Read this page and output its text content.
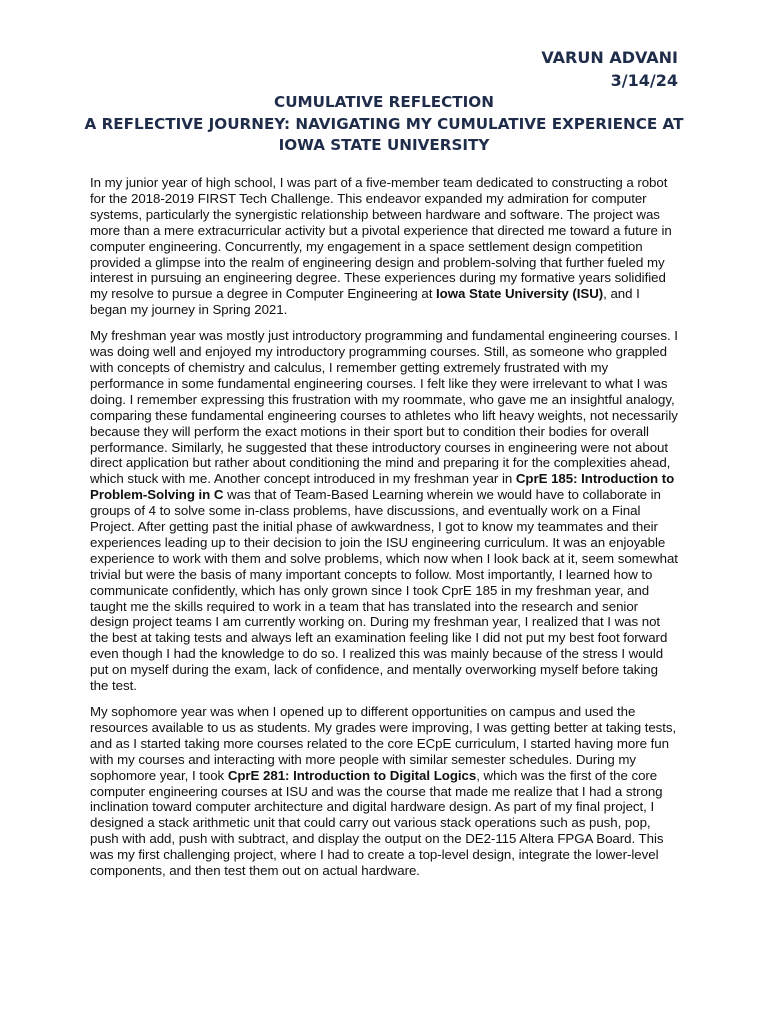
VARUN ADVANI
3/14/24
CUMULATIVE REFLECTION
A REFLECTIVE JOURNEY: NAVIGATING MY CUMULATIVE EXPERIENCE AT
IOWA STATE UNIVERSITY

In my junior year of high school, I was part of a five-member team dedicated to constructing a robot for the 2018-2019 FIRST Tech Challenge. This endeavor expanded my admiration for computer systems, particularly the synergistic relationship between hardware and software. The project was more than a mere extracurricular activity but a pivotal experience that directed me toward a future in computer engineering. Concurrently, my engagement in a space settlement design competition provided a glimpse into the realm of engineering design and problem-solving that further fueled my interest in pursuing an engineering degree. These experiences during my formative years solidified my resolve to pursue a degree in Computer Engineering at Iowa State University (ISU), and I began my journey in Spring 2021.

My freshman year was mostly just introductory programming and fundamental engineering courses. I was doing well and enjoyed my introductory programming courses. Still, as someone who grappled with concepts of chemistry and calculus, I remember getting extremely frustrated with my performance in some fundamental engineering courses. I felt like they were irrelevant to what I was doing. I remember expressing this frustration with my roommate, who gave me an insightful analogy, comparing these fundamental engineering courses to athletes who lift heavy weights, not necessarily because they will perform the exact motions in their sport but to condition their bodies for overall performance. Similarly, he suggested that these introductory courses in engineering were not about direct application but rather about conditioning the mind and preparing it for the complexities ahead, which stuck with me. Another concept introduced in my freshman year in CprE 185: Introduction to Problem-Solving in C was that of Team-Based Learning wherein we would have to collaborate in groups of 4 to solve some in-class problems, have discussions, and eventually work on a Final Project. After getting past the initial phase of awkwardness, I got to know my teammates and their experiences leading up to their decision to join the ISU engineering curriculum. It was an enjoyable experience to work with them and solve problems, which now when I look back at it, seem somewhat trivial but were the basis of many important concepts to follow. Most importantly, I learned how to communicate confidently, which has only grown since I took CprE 185 in my freshman year, and taught me the skills required to work in a team that has translated into the research and senior design project teams I am currently working on. During my freshman year, I realized that I was not the best at taking tests and always left an examination feeling like I did not put my best foot forward even though I had the knowledge to do so. I realized this was mainly because of the stress I would put on myself during the exam, lack of confidence, and mentally overworking myself before taking the test.

My sophomore year was when I opened up to different opportunities on campus and used the resources available to us as students. My grades were improving, I was getting better at taking tests, and as I started taking more courses related to the core ECpE curriculum, I started having more fun with my courses and interacting with more people with similar semester schedules. During my sophomore year, I took CprE 281: Introduction to Digital Logics, which was the first of the core computer engineering courses at ISU and was the course that made me realize that I had a strong inclination toward computer architecture and digital hardware design. As part of my final project, I designed a stack arithmetic unit that could carry out various stack operations such as push, pop, push with add, push with subtract, and display the output on the DE2-115 Altera FPGA Board. This was my first challenging project, where I had to create a top-level design, integrate the lower-level components, and then test them out on actual hardware.
